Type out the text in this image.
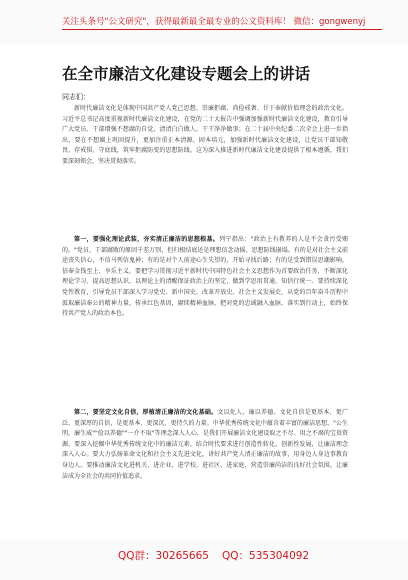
关注头条号"公文研究"，获得最新最全最专业的公文资料库！ 微信：gongwenyj
在全市廉洁文化建设专题会上的讲话
同志们：
新时代廉洁文化是体现中国共产党人党己思想、崇廉拒腐、尚俭戒奢、甘于奉献价值理念的政治文化。习近平总书记高度重视新时代廉洁文化建设，在党的二十大报告中强调加强新时代廉洁文化建设，教育引导广大党员、干部增强不想腐的自觉，清清白白做人、干干净净做事；在二十届中央纪委二次全会上进一步指出，要在不想腐上巩固提升，更加注重正本清源、固本培元，加强新时代廉洁文化建设，让党员干部知敬畏、存戒惧、守底线，筑牢拒腐防变的思想防线。这为深入推进新时代廉洁文化建设提供了根本遵循，我们要深刻领会，坚决贯彻落实。
第一，要强化理论武装，夯实清正廉洁的思想根基。列宁指出："政治上有教养的人是不会贪污受贿的。"党员、干部腐败的原因千差万别，但归根结底还是理想信念动摇、思想防线崩塌。有的是对社会主义前途丧失信心，不信马列信鬼神；有的是对个人前途心生失望的，开始寻找后路；有的是受到错误思潮影响，信奉金钱至上、享乐主义。要把学习贯彻习近平新时代中国特色社会主义思想作为首要政治任务，不断深化理论学习、提高思想认识，以理论上的清醒保证政治上的坚定，做到学思用贯通、知信行统一。要持续深化党性教育，引导党员干部深入学习党史、新中国史、改革开放史、社会主义发展史，从党的百年奋斗历程中汲取廉洁奉公的精神力量，传承红色基因，赓续精神血脉，把对党的忠诚融入血脉、落实到行动上，始终保持共产党人的政治本色。
第二，要坚定文化自信，厚植清正廉洁的文化基础。文以化人，廉以养德。文化自信是更基本、更广泛、更深厚的自信，是更基本、更深沉、更持久的力量。中华优秀传统文化中蕴含着丰富的廉洁思想，"公生明，廉生威""俭以养德""一介不取"等理念深入人心，是我们开展廉洁文化建设取之不尽、用之不竭的宝贵资源。要深入挖掘中华优秀传统文化中的廉洁元素，结合时代要求进行创造性转化、创新性发展，让廉洁理念深入人心。要大力弘扬革命文化和社会主义先进文化，讲好共产党人清正廉洁的故事，用身边人身边事教育身边人。要推动廉洁文化进机关、进企业、进学校、进社区、进家庭，营造崇廉尚洁的良好社会氛围，让廉洁成为全社会的共同价值追求。
QQ群：30265665 QQ：535304092
